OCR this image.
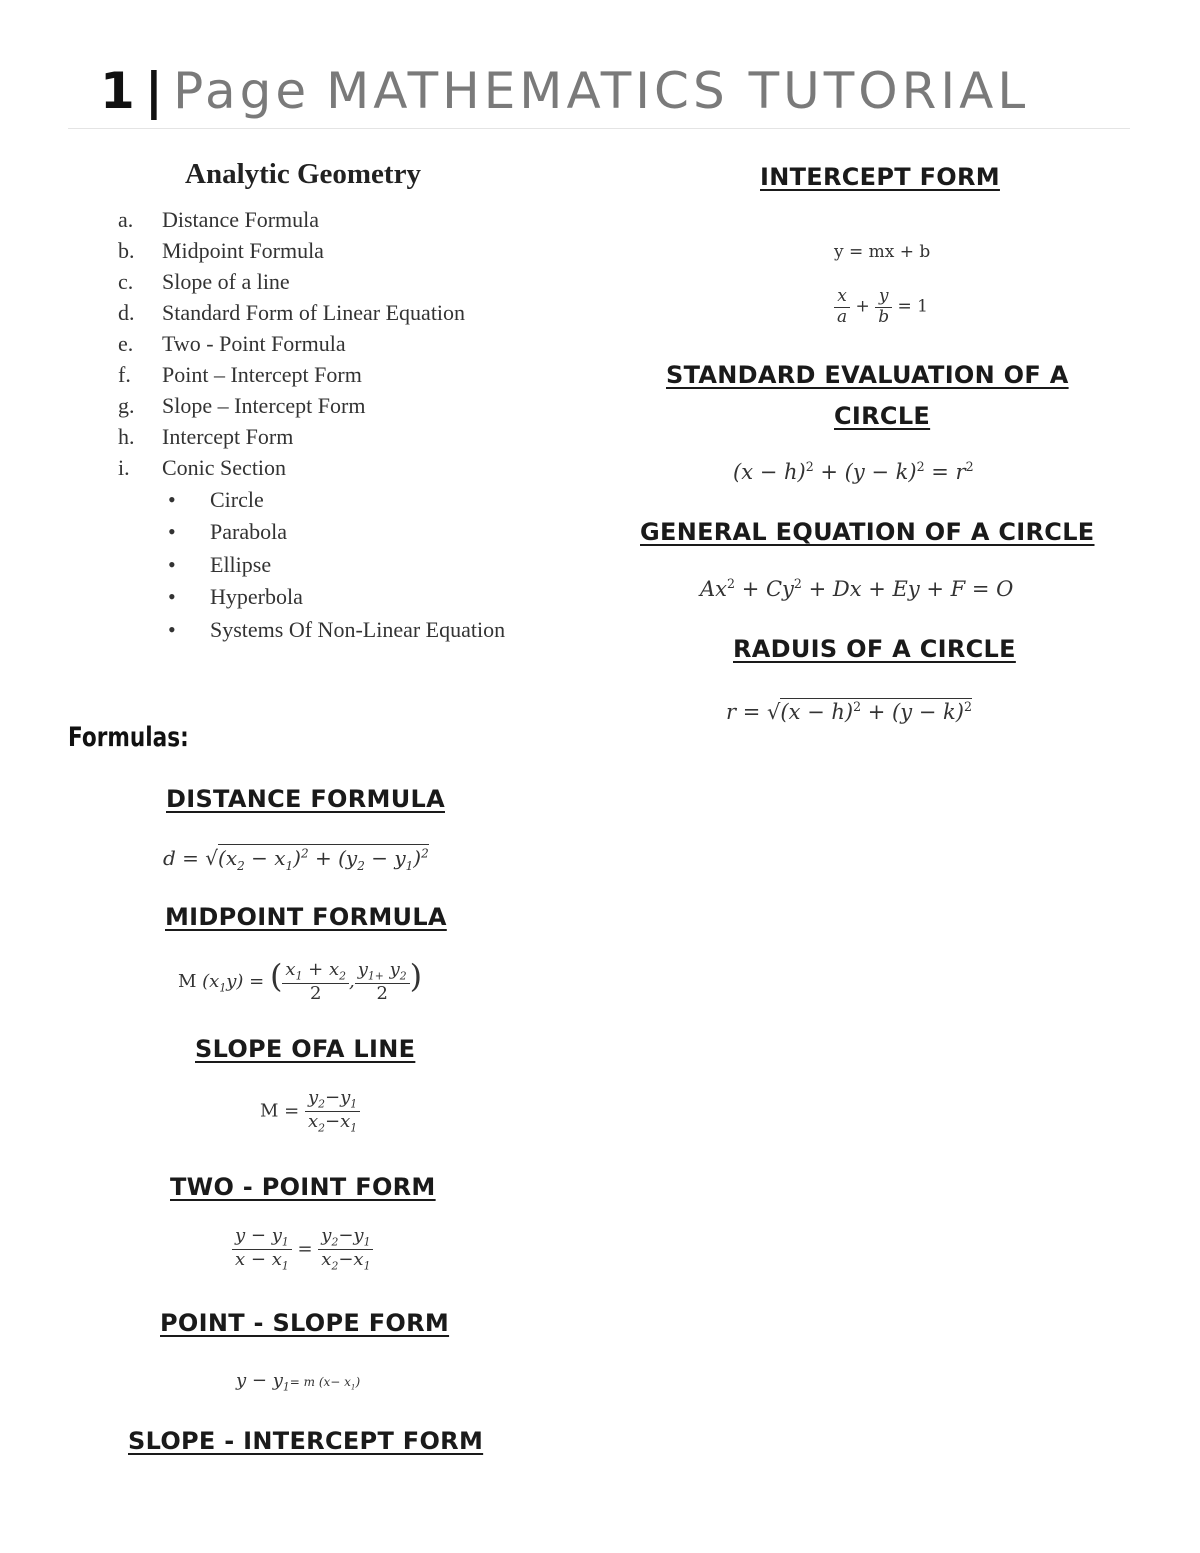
1 | Page MATHEMATICS TUTORIAL
Analytic Geometry
a. Distance Formula
b. Midpoint Formula
c. Slope of a line
d. Standard Form of Linear Equation
e. Two - Point Formula
f. Point – Intercept Form
g. Slope – Intercept Form
h. Intercept Form
i. Conic Section
• Circle
• Parabola
• Ellipse
• Hyperbola
• Systems Of Non-Linear Equation
Formulas:
DISTANCE FORMULA
$d = √(x_2 - x_1)^2 + (y_2 - y_1)^2$
MIDPOINT FORMULA
M $(x_1y)$ = ( $\frac{x_1 + x_2}{2}$ , $\frac{y_{1+} y_2}{2}$ )
SLOPE OFA LINE
$M = \frac{y_2-y_1}{x_2-x_1}$
TWO - POINT FORM
$\frac{y - y_1}{x - x_1} = \frac{y_2-y_1}{x_2-x_1}$
POINT - SLOPE FORM
$y - y_1= m$ $(x- x_1)$
SLOPE - INTERCEPT FORM
INTERCEPT FORM
y = mx + b
$\frac{x}{a} + \frac{y}{b} = 1$
STANDARD EVALUATION OF A
CIRCLE
$(x - h)^2 + (y - k)^2 = r^2$
GENERAL EQUATION OF A CIRCLE
$Ax^2 + Cy^2 + Dx + Ey + F = O$
RADUIS OF A CIRCLE
$r = √(x - h)^2 + (y - k)^2$
